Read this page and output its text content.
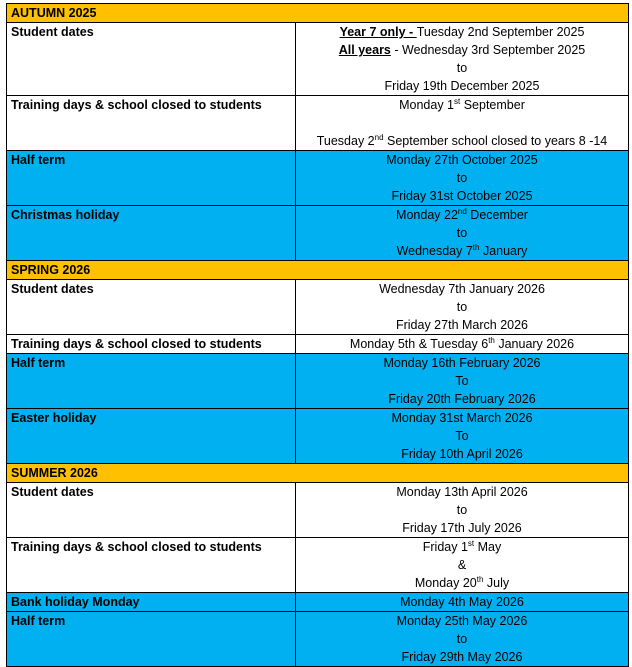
AUTUMN 2025	
Student dates	Year 7 only - Tuesday 2nd September 2025
All years - Wednesday 3rd September 2025
to
Friday 19th December 2025

Training days & school closed to students	Monday 1st September
Tuesday 2nd September school closed to years 8 -14

Half term	Monday 27th October 2025
to
Friday 31st October 2025

Christmas holiday	Monday 22nd December
to
Wednesday 7th January

SPRING 2026	
Student dates	Wednesday 7th January 2026
to
Friday 27th March 2026

Training days & school closed to students	Monday 5th & Tuesday 6th January 2026

Half term	Monday 16th February 2026
To
Friday 20th February 2026

Easter holiday	Monday 31st March 2026
To
Friday 10th April 2026

SUMMER 2026	
Student dates	Monday 13th April 2026
to
Friday 17th July 2026

Training days & school closed to students	Friday 1st May
&
Monday 20th July

Bank holiday Monday	Monday 4th May 2026

Half term	Monday 25th May 2026
to
Friday 29th May 2026
